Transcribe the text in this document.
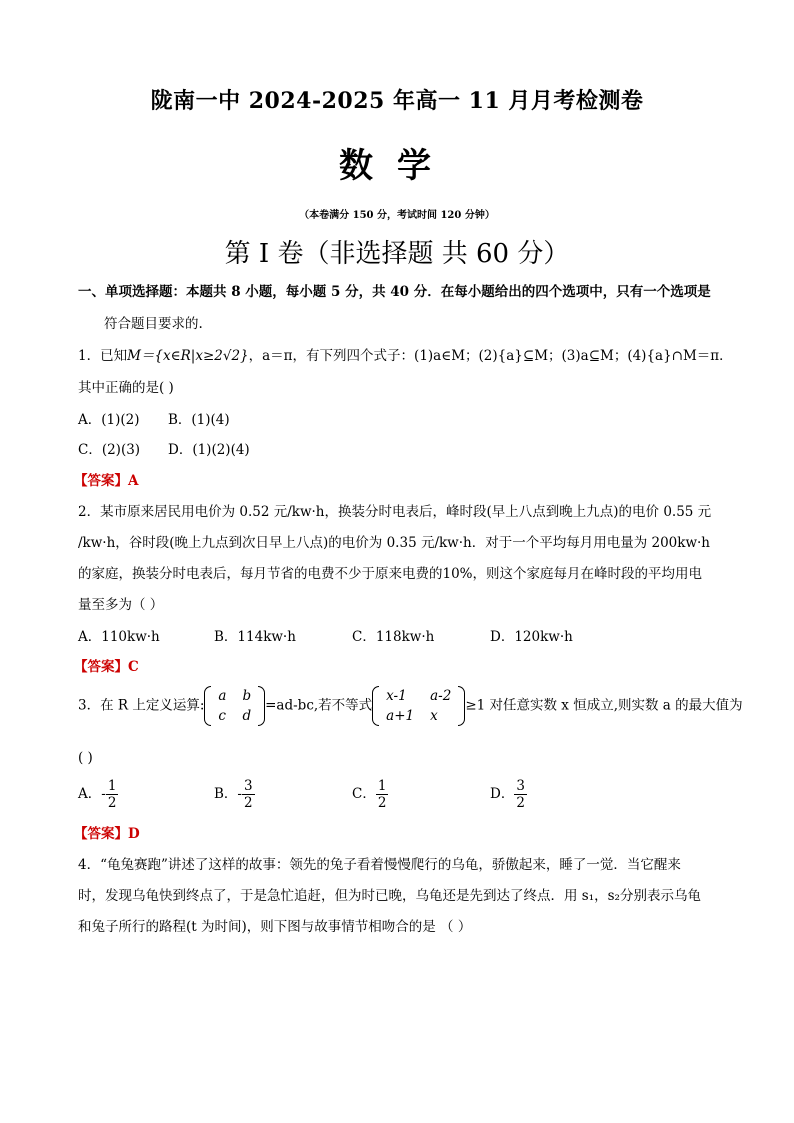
陇南一中 2024-2025 年高一 11 月月考检测卷
数学
（本卷满分 150 分，考试时间 120 分钟）
第 I 卷（非选择题 共 60 分）
一、单项选择题：本题共 8 小题，每小题 5 分，共 40 分．在每小题给出的四个选项中，只有一个选项是
符合题目要求的.
1．已知M＝{x∈R|x≥2√2}，a＝π，有下列四个式子：(1)a∈M；(2){a}⊆M；(3)a⊆M；(4){a}∩M＝π．
其中正确的是( )
A．(1)(2) B．(1)(4)
C．(2)(3) D．(1)(2)(4)
【答案】A
2．某市原来居民用电价为 0.52 元/kw·h，换装分时电表后，峰时段(早上八点到晚上九点)的电价 0.55 元
/kw·h，谷时段(晚上九点到次日早上八点)的电价为 0.35 元/kw·h．对于一个平均每月用电量为 200kw·h
的家庭，换装分时电表后，每月节省的电费不少于原来电费的10%，则这个家庭每月在峰时段的平均用电
量至多为（ ）
A．110kw·h	B．114kw·h	C．118kw·h	D．120kw·h
【答案】C
3．在 R 上定义运算:
a	b
c	d
=ad-bc,若不等式
x-1	a-2
a+1	x
≥1 对任意实数 x 恒成立,则实数 a 的最大值为
( )
A．- $\frac{1}{2}$	B．- $\frac{3}{2}$	C． $\frac{1}{2}$	D． $\frac{3}{2}$
【答案】D
4．“龟兔赛跑”讲述了这样的故事：领先的兔子看着慢慢爬行的乌龟，骄傲起来，睡了一觉．当它醒来
时，发现乌龟快到终点了，于是急忙追赶，但为时已晚，乌龟还是先到达了终点．用 s₁，s₂分别表示乌龟
和兔子所行的路程(t 为时间)，则下图与故事情节相吻合的是 （ ）
